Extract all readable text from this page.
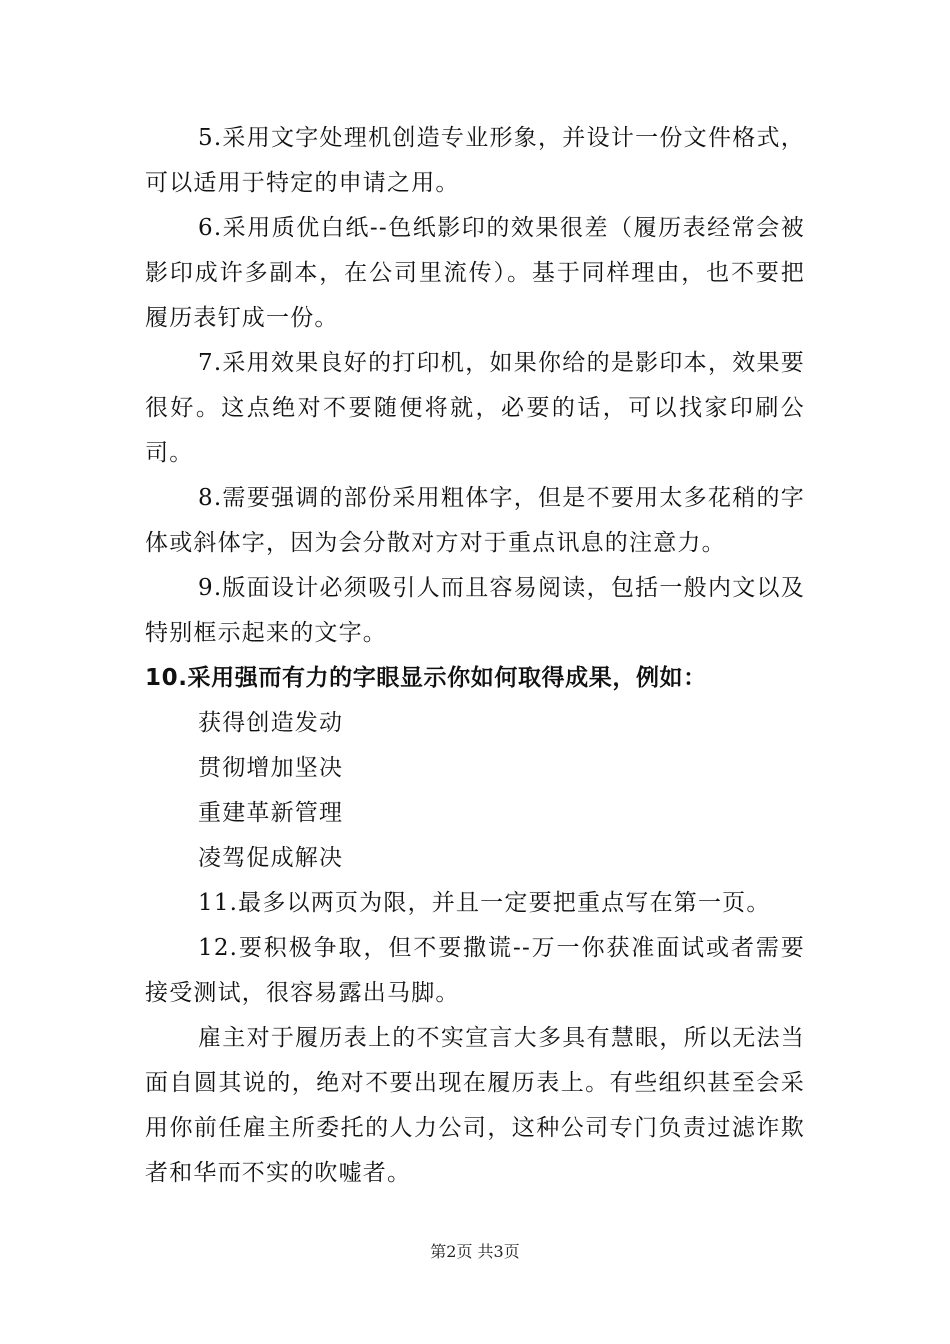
5.采用文字处理机创造专业形象，并设计一份文件格式，可以适用于特定的申请之用。

6.采用质优白纸--色纸影印的效果很差（履历表经常会被影印成许多副本，在公司里流传）。基于同样理由，也不要把履历表钉成一份。

7.采用效果良好的打印机，如果你给的是影印本，效果要很好。这点绝对不要随便将就，必要的话，可以找家印刷公司。

8.需要强调的部份采用粗体字，但是不要用太多花稍的字体或斜体字，因为会分散对方对于重点讯息的注意力。

9.版面设计必须吸引人而且容易阅读，包括一般内文以及特别框示起来的文字。

10.采用强而有力的字眼显示你如何取得成果，例如：

获得创造发动

贯彻增加坚决

重建革新管理

凌驾促成解决

11.最多以两页为限，并且一定要把重点写在第一页。

12.要积极争取，但不要撒谎--万一你获准面试或者需要接受测试，很容易露出马脚。

雇主对于履历表上的不实宣言大多具有慧眼，所以无法当面自圆其说的，绝对不要出现在履历表上。有些组织甚至会采用你前任雇主所委托的人力公司，这种公司专门负责过滤诈欺者和华而不实的吹嘘者。

第2页 共3页
